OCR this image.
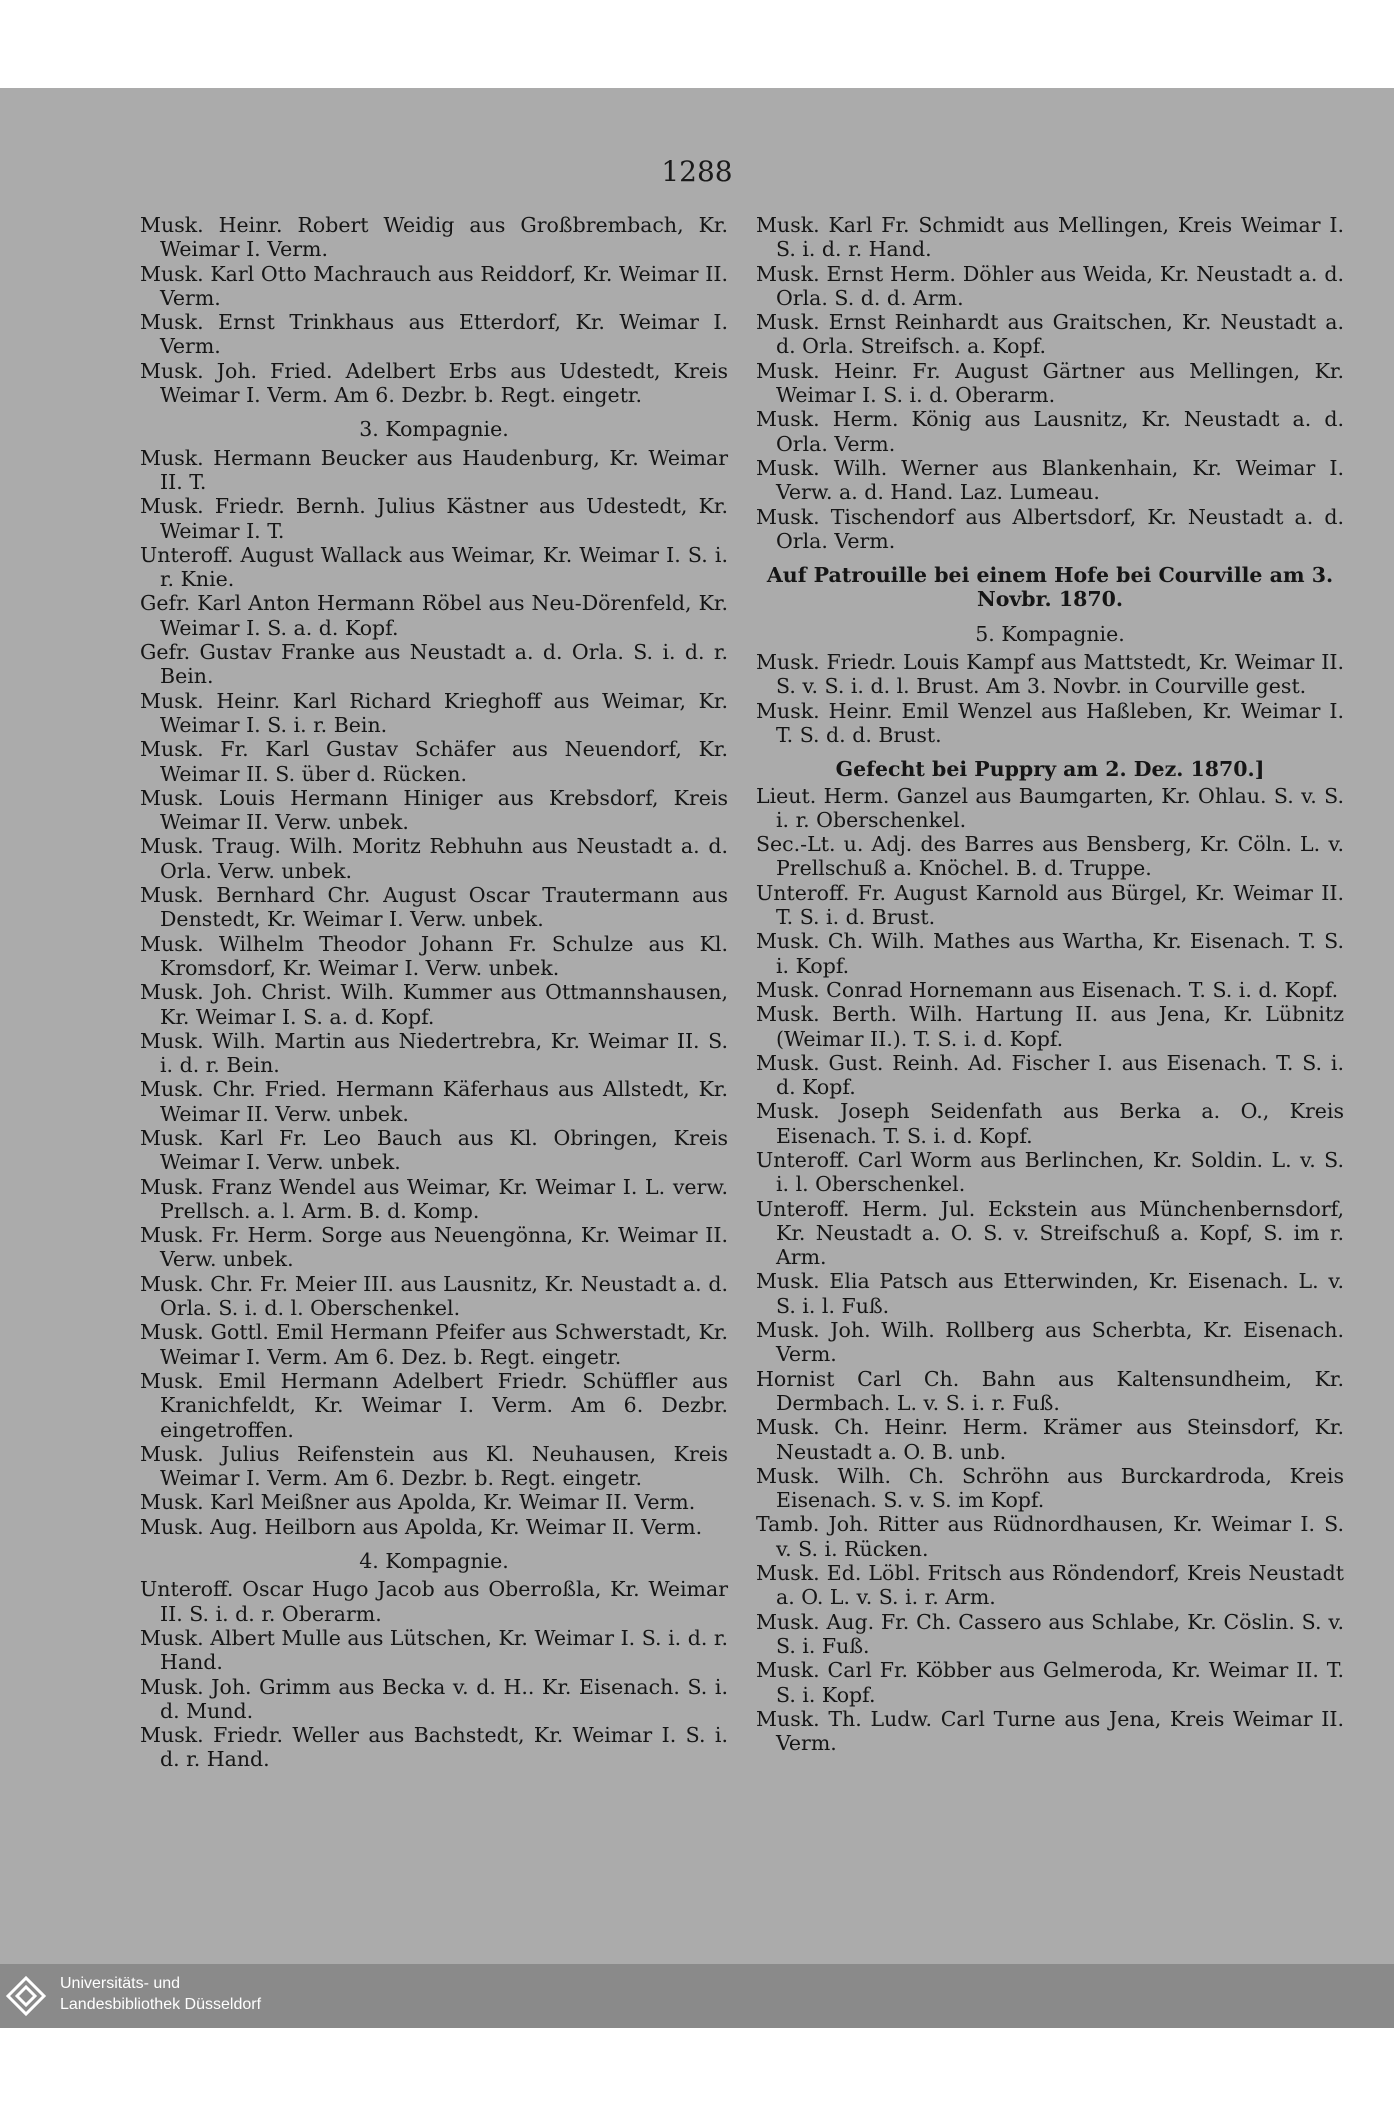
1288

Musk. Heinr. Robert Weidig aus Großbrembach, Kr. Weimar I. Verm.

Musk. Karl Otto Machrauch aus Reiddorf, Kr. Weimar II. Verm.

Musk. Ernst Trinkhaus aus Etterdorf, Kr. Weimar I. Verm.

Musk. Joh. Fried. Adelbert Erbs aus Udestedt, Kreis Weimar I. Verm. Am 6. Dezbr. b. Regt. eingetr.

3. Kompagnie.

Musk. Hermann Beucker aus Haudenburg, Kr. Weimar II. T.

Musk. Friedr. Bernh. Julius Kästner aus Udestedt, Kr. Weimar I. T.

Unteroff. August Wallack aus Weimar, Kr. Weimar I. S. i. r. Knie.

Gefr. Karl Anton Hermann Röbel aus Neu-Dörenfeld, Kr. Weimar I. S. a. d. Kopf.

Gefr. Gustav Franke aus Neustadt a. d. Orla. S. i. d. r. Bein.

Musk. Heinr. Karl Richard Krieghoff aus Weimar, Kr. Weimar I. S. i. r. Bein.

Musk. Fr. Karl Gustav Schäfer aus Neuendorf, Kr. Weimar II. S. über d. Rücken.

Musk. Louis Hermann Hiniger aus Krebsdorf, Kreis Weimar II. Verw. unbek.

Musk. Traug. Wilh. Moritz Rebhuhn aus Neustadt a. d. Orla. Verw. unbek.

Musk. Bernhard Chr. August Oscar Trautermann aus Denstedt, Kr. Weimar I. Verw. unbek.

Musk. Wilhelm Theodor Johann Fr. Schulze aus Kl. Kromsdorf, Kr. Weimar I. Verw. unbek.

Musk. Joh. Christ. Wilh. Kummer aus Ottmannshausen, Kr. Weimar I. S. a. d. Kopf.

Musk. Wilh. Martin aus Niedertrebra, Kr. Weimar II. S. i. d. r. Bein.

Musk. Chr. Fried. Hermann Käferhaus aus Allstedt, Kr. Weimar II. Verw. unbek.

Musk. Karl Fr. Leo Bauch aus Kl. Obringen, Kreis Weimar I. Verw. unbek.

Musk. Franz Wendel aus Weimar, Kr. Weimar I. L. verw. Prellsch. a. l. Arm. B. d. Komp.

Musk. Fr. Herm. Sorge aus Neuengönna, Kr. Weimar II. Verw. unbek.

Musk. Chr. Fr. Meier III. aus Lausnitz, Kr. Neustadt a. d. Orla. S. i. d. l. Oberschenkel.

Musk. Gottl. Emil Hermann Pfeifer aus Schwerstadt, Kr. Weimar I. Verm. Am 6. Dez. b. Regt. eingetr.

Musk. Emil Hermann Adelbert Friedr. Schüffler aus Kranichfeldt, Kr. Weimar I. Verm. Am 6. Dezbr. eingetroffen.

Musk. Julius Reifenstein aus Kl. Neuhausen, Kreis Weimar I. Verm. Am 6. Dezbr. b. Regt. eingetr.

Musk. Karl Meißner aus Apolda, Kr. Weimar II. Verm.

Musk. Aug. Heilborn aus Apolda, Kr. Weimar II. Verm.

4. Kompagnie.

Unteroff. Oscar Hugo Jacob aus Oberroßla, Kr. Weimar II. S. i. d. r. Oberarm.

Musk. Albert Mulle aus Lütschen, Kr. Weimar I. S. i. d. r. Hand.

Musk. Joh. Grimm aus Becka v. d. H.. Kr. Eisenach. S. i. d. Mund.

Musk. Friedr. Weller aus Bachstedt, Kr. Weimar I. S. i. d. r. Hand.

Musk. Karl Fr. Schmidt aus Mellingen, Kreis Weimar I. S. i. d. r. Hand.

Musk. Ernst Herm. Döhler aus Weida, Kr. Neustadt a. d. Orla. S. d. d. Arm.

Musk. Ernst Reinhardt aus Graitschen, Kr. Neustadt a. d. Orla. Streifsch. a. Kopf.

Musk. Heinr. Fr. August Gärtner aus Mellingen, Kr. Weimar I. S. i. d. Oberarm.

Musk. Herm. König aus Lausnitz, Kr. Neustadt a. d. Orla. Verm.

Musk. Wilh. Werner aus Blankenhain, Kr. Weimar I. Verw. a. d. Hand. Laz. Lumeau.

Musk. Tischendorf aus Albertsdorf, Kr. Neustadt a. d. Orla. Verm.

Auf Patrouille bei einem Hofe bei Courville am 3. Novbr. 1870.
5. Kompagnie.

Musk. Friedr. Louis Kampf aus Mattstedt, Kr. Weimar II. S. v. S. i. d. l. Brust. Am 3. Novbr. in Courville gest.

Musk. Heinr. Emil Wenzel aus Haßleben, Kr. Weimar I. T. S. d. d. Brust.

Gefecht bei Puppry am 2. Dez. 1870.]

Lieut. Herm. Ganzel aus Baumgarten, Kr. Ohlau. S. v. S. i. r. Oberschenkel.

Sec.-Lt. u. Adj. des Barres aus Bensberg, Kr. Cöln. L. v. Prellschuß a. Knöchel. B. d. Truppe.

Unteroff. Fr. August Karnold aus Bürgel, Kr. Weimar II. T. S. i. d. Brust.

Musk. Ch. Wilh. Mathes aus Wartha, Kr. Eisenach. T. S. i. Kopf.

Musk. Conrad Hornemann aus Eisenach. T. S. i. d. Kopf.

Musk. Berth. Wilh. Hartung II. aus Jena, Kr. Lübnitz (Weimar II.). T. S. i. d. Kopf.

Musk. Gust. Reinh. Ad. Fischer I. aus Eisenach. T. S. i. d. Kopf.

Musk. Joseph Seidenfath aus Berka a. O., Kreis Eisenach. T. S. i. d. Kopf.

Unteroff. Carl Worm aus Berlinchen, Kr. Soldin. L. v. S. i. l. Oberschenkel.

Unteroff. Herm. Jul. Eckstein aus Münchenbernsdorf, Kr. Neustadt a. O. S. v. Streifschuß a. Kopf, S. im r. Arm.

Musk. Elia Patsch aus Etterwinden, Kr. Eisenach. L. v. S. i. l. Fuß.

Musk. Joh. Wilh. Rollberg aus Scherbta, Kr. Eisenach. Verm.

Hornist Carl Ch. Bahn aus Kaltensundheim, Kr. Dermbach. L. v. S. i. r. Fuß.

Musk. Ch. Heinr. Herm. Krämer aus Steinsdorf, Kr. Neustadt a. O. B. unb.

Musk. Wilh. Ch. Schröhn aus Burckardroda, Kreis Eisenach. S. v. S. im Kopf.

Tamb. Joh. Ritter aus Rüdnordhausen, Kr. Weimar I. S. v. S. i. Rücken.

Musk. Ed. Löbl. Fritsch aus Röndendorf, Kreis Neustadt a. O. L. v. S. i. r. Arm.

Musk. Aug. Fr. Ch. Cassero aus Schlabe, Kr. Cöslin. S. v. S. i. Fuß.

Musk. Carl Fr. Köbber aus Gelmeroda, Kr. Weimar II. T. S. i. Kopf.

Musk. Th. Ludw. Carl Turne aus Jena, Kreis Weimar II. Verm.

Universitäts- und
Landesbibliothek Düsseldorf
